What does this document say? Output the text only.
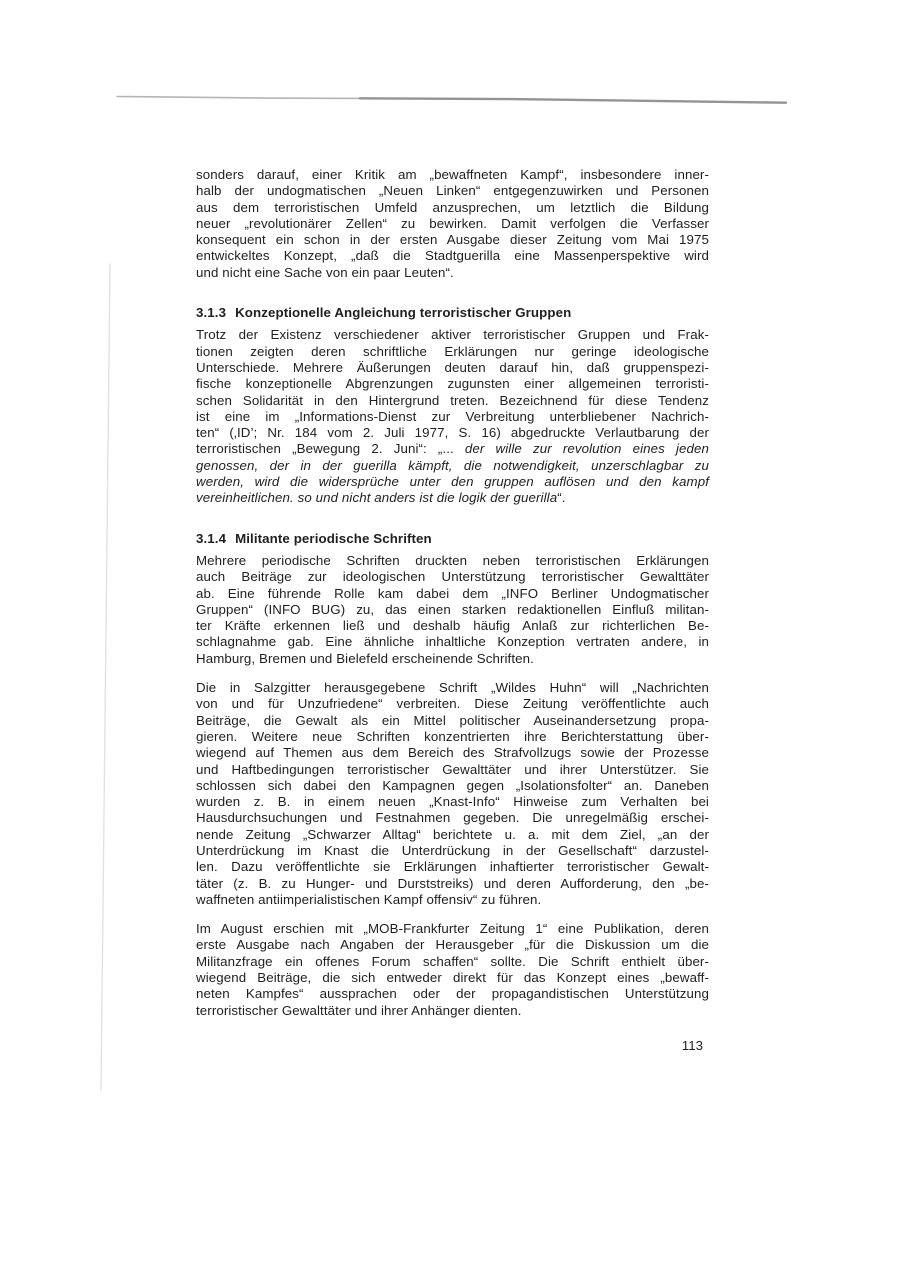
sonders darauf, einer Kritik am „bewaffneten Kampf“, insbesondere inner-
halb der undogmatischen „Neuen Linken“ entgegenzuwirken und Personen
aus dem terroristischen Umfeld anzusprechen, um letztlich die Bildung
neuer „revolutionärer Zellen“ zu bewirken. Damit verfolgen die Verfasser
konsequent ein schon in der ersten Ausgabe dieser Zeitung vom Mai 1975
entwickeltes Konzept, „daß die Stadtguerilla eine Massenperspektive wird
und nicht eine Sache von ein paar Leuten“.
3.1.3 Konzeptionelle Angleichung terroristischer Gruppen
Trotz der Existenz verschiedener aktiver terroristischer Gruppen und Frak-
tionen zeigten deren schriftliche Erklärungen nur geringe ideologische
Unterschiede. Mehrere Äußerungen deuten darauf hin, daß gruppenspezi-
fische konzeptionelle Abgrenzungen zugunsten einer allgemeinen terroristi-
schen Solidarität in den Hintergrund treten. Bezeichnend für diese Tendenz
ist eine im „Informations-Dienst zur Verbreitung unterbliebener Nachrich-
ten“ (‚ID’; Nr. 184 vom 2. Juli 1977, S. 16) abgedruckte Verlautbarung der
terroristischen „Bewegung 2. Juni“: „... der wille zur revolution eines jeden
genossen, der in der guerilla kämpft, die notwendigkeit, unzerschlagbar zu
werden, wird die widersprüche unter den gruppen auflösen und den kampf
vereinheitlichen. so und nicht anders ist die logik der guerilla“.
3.1.4 Militante periodische Schriften
Mehrere periodische Schriften druckten neben terroristischen Erklärungen
auch Beiträge zur ideologischen Unterstützung terroristischer Gewalttäter
ab. Eine führende Rolle kam dabei dem „INFO Berliner Undogmatischer
Gruppen“ (INFO BUG) zu, das einen starken redaktionellen Einfluß militan-
ter Kräfte erkennen ließ und deshalb häufig Anlaß zur richterlichen Be-
schlagnahme gab. Eine ähnliche inhaltliche Konzeption vertraten andere, in
Hamburg, Bremen und Bielefeld erscheinende Schriften.
Die in Salzgitter herausgegebene Schrift „Wildes Huhn“ will „Nachrichten
von und für Unzufriedene“ verbreiten. Diese Zeitung veröffentlichte auch
Beiträge, die Gewalt als ein Mittel politischer Auseinandersetzung propa-
gieren. Weitere neue Schriften konzentrierten ihre Berichterstattung über-
wiegend auf Themen aus dem Bereich des Strafvollzugs sowie der Prozesse
und Haftbedingungen terroristischer Gewalttäter und ihrer Unterstützer. Sie
schlossen sich dabei den Kampagnen gegen „Isolationsfolter“ an. Daneben
wurden z. B. in einem neuen „Knast-Info“ Hinweise zum Verhalten bei
Hausdurchsuchungen und Festnahmen gegeben. Die unregelmäßig erschei-
nende Zeitung „Schwarzer Alltag“ berichtete u. a. mit dem Ziel, „an der
Unterdrückung im Knast die Unterdrückung in der Gesellschaft“ darzustel-
len. Dazu veröffentlichte sie Erklärungen inhaftierter terroristischer Gewalt-
täter (z. B. zu Hunger- und Durststreiks) und deren Aufforderung, den „be-
waffneten antiimperialistischen Kampf offensiv“ zu führen.
Im August erschien mit „MOB-Frankfurter Zeitung 1“ eine Publikation, deren
erste Ausgabe nach Angaben der Herausgeber „für die Diskussion um die
Militanzfrage ein offenes Forum schaffen“ sollte. Die Schrift enthielt über-
wiegend Beiträge, die sich entweder direkt für das Konzept eines „bewaff-
neten Kampfes“ aussprachen oder der propagandistischen Unterstützung
terroristischer Gewalttäter und ihrer Anhänger dienten.
113
